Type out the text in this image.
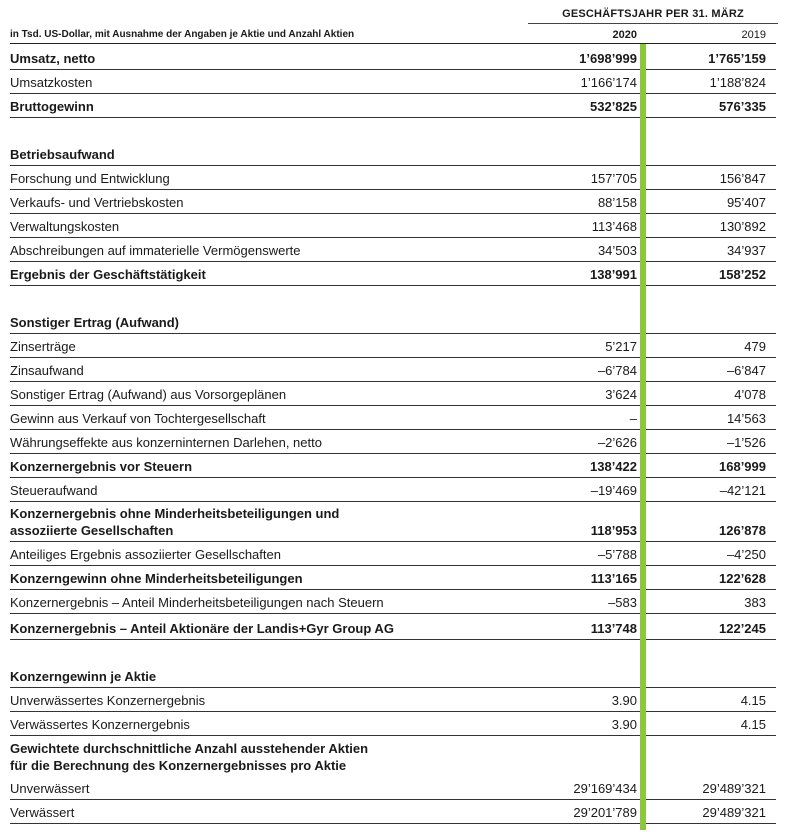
GESCHÄFTSJAHR PER 31. MÄRZ
in Tsd. US-Dollar, mit Ausnahme der Angaben je Aktie und Anzahl Aktien	2020	2019
Umsatz, netto	1’698’999	1’765’159
Umsatzkosten	1’166’174	1’188’824
Bruttogewinn	532’825	576’335
Betriebsaufwand
Forschung und Entwicklung	157’705	156’847
Verkaufs- und Vertriebskosten	88’158	95’407
Verwaltungskosten	113’468	130’892
Abschreibungen auf immaterielle Vermögenswerte	34’503	34’937
Ergebnis der Geschäftstätigkeit	138’991	158’252
Sonstiger Ertrag (Aufwand)
Zinserträge	5’217	479
Zinsaufwand	–6’784	–6’847
Sonstiger Ertrag (Aufwand) aus Vorsorgeplänen	3’624	4’078
Gewinn aus Verkauf von Tochtergesellschaft	–	14’563
Währungseffekte aus konzerninternen Darlehen, netto	–2’626	–1’526
Konzernergebnis vor Steuern	138’422	168’999
Steueraufwand	–19’469	–42’121
Konzernergebnis ohne Minderheitsbeteiligungen und
assoziierte Gesellschaften	118’953	126’878
Anteiliges Ergebnis assoziierter Gesellschaften	–5’788	–4’250
Konzerngewinn ohne Minderheitsbeteiligungen	113’165	122’628
Konzernergebnis – Anteil Minderheitsbeteiligungen nach Steuern	–583	383
Konzernergebnis – Anteil Aktionäre der Landis+Gyr Group AG	113’748	122’245
Konzerngewinn je Aktie
Unverwässertes Konzernergebnis	3.90	4.15
Verwässertes Konzernergebnis	3.90	4.15
Gewichtete durchschnittliche Anzahl ausstehender Aktien
für die Berechnung des Konzernergebnisses pro Aktie
Unverwässert	29’169’434	29’489’321
Verwässert	29’201’789	29’489’321
